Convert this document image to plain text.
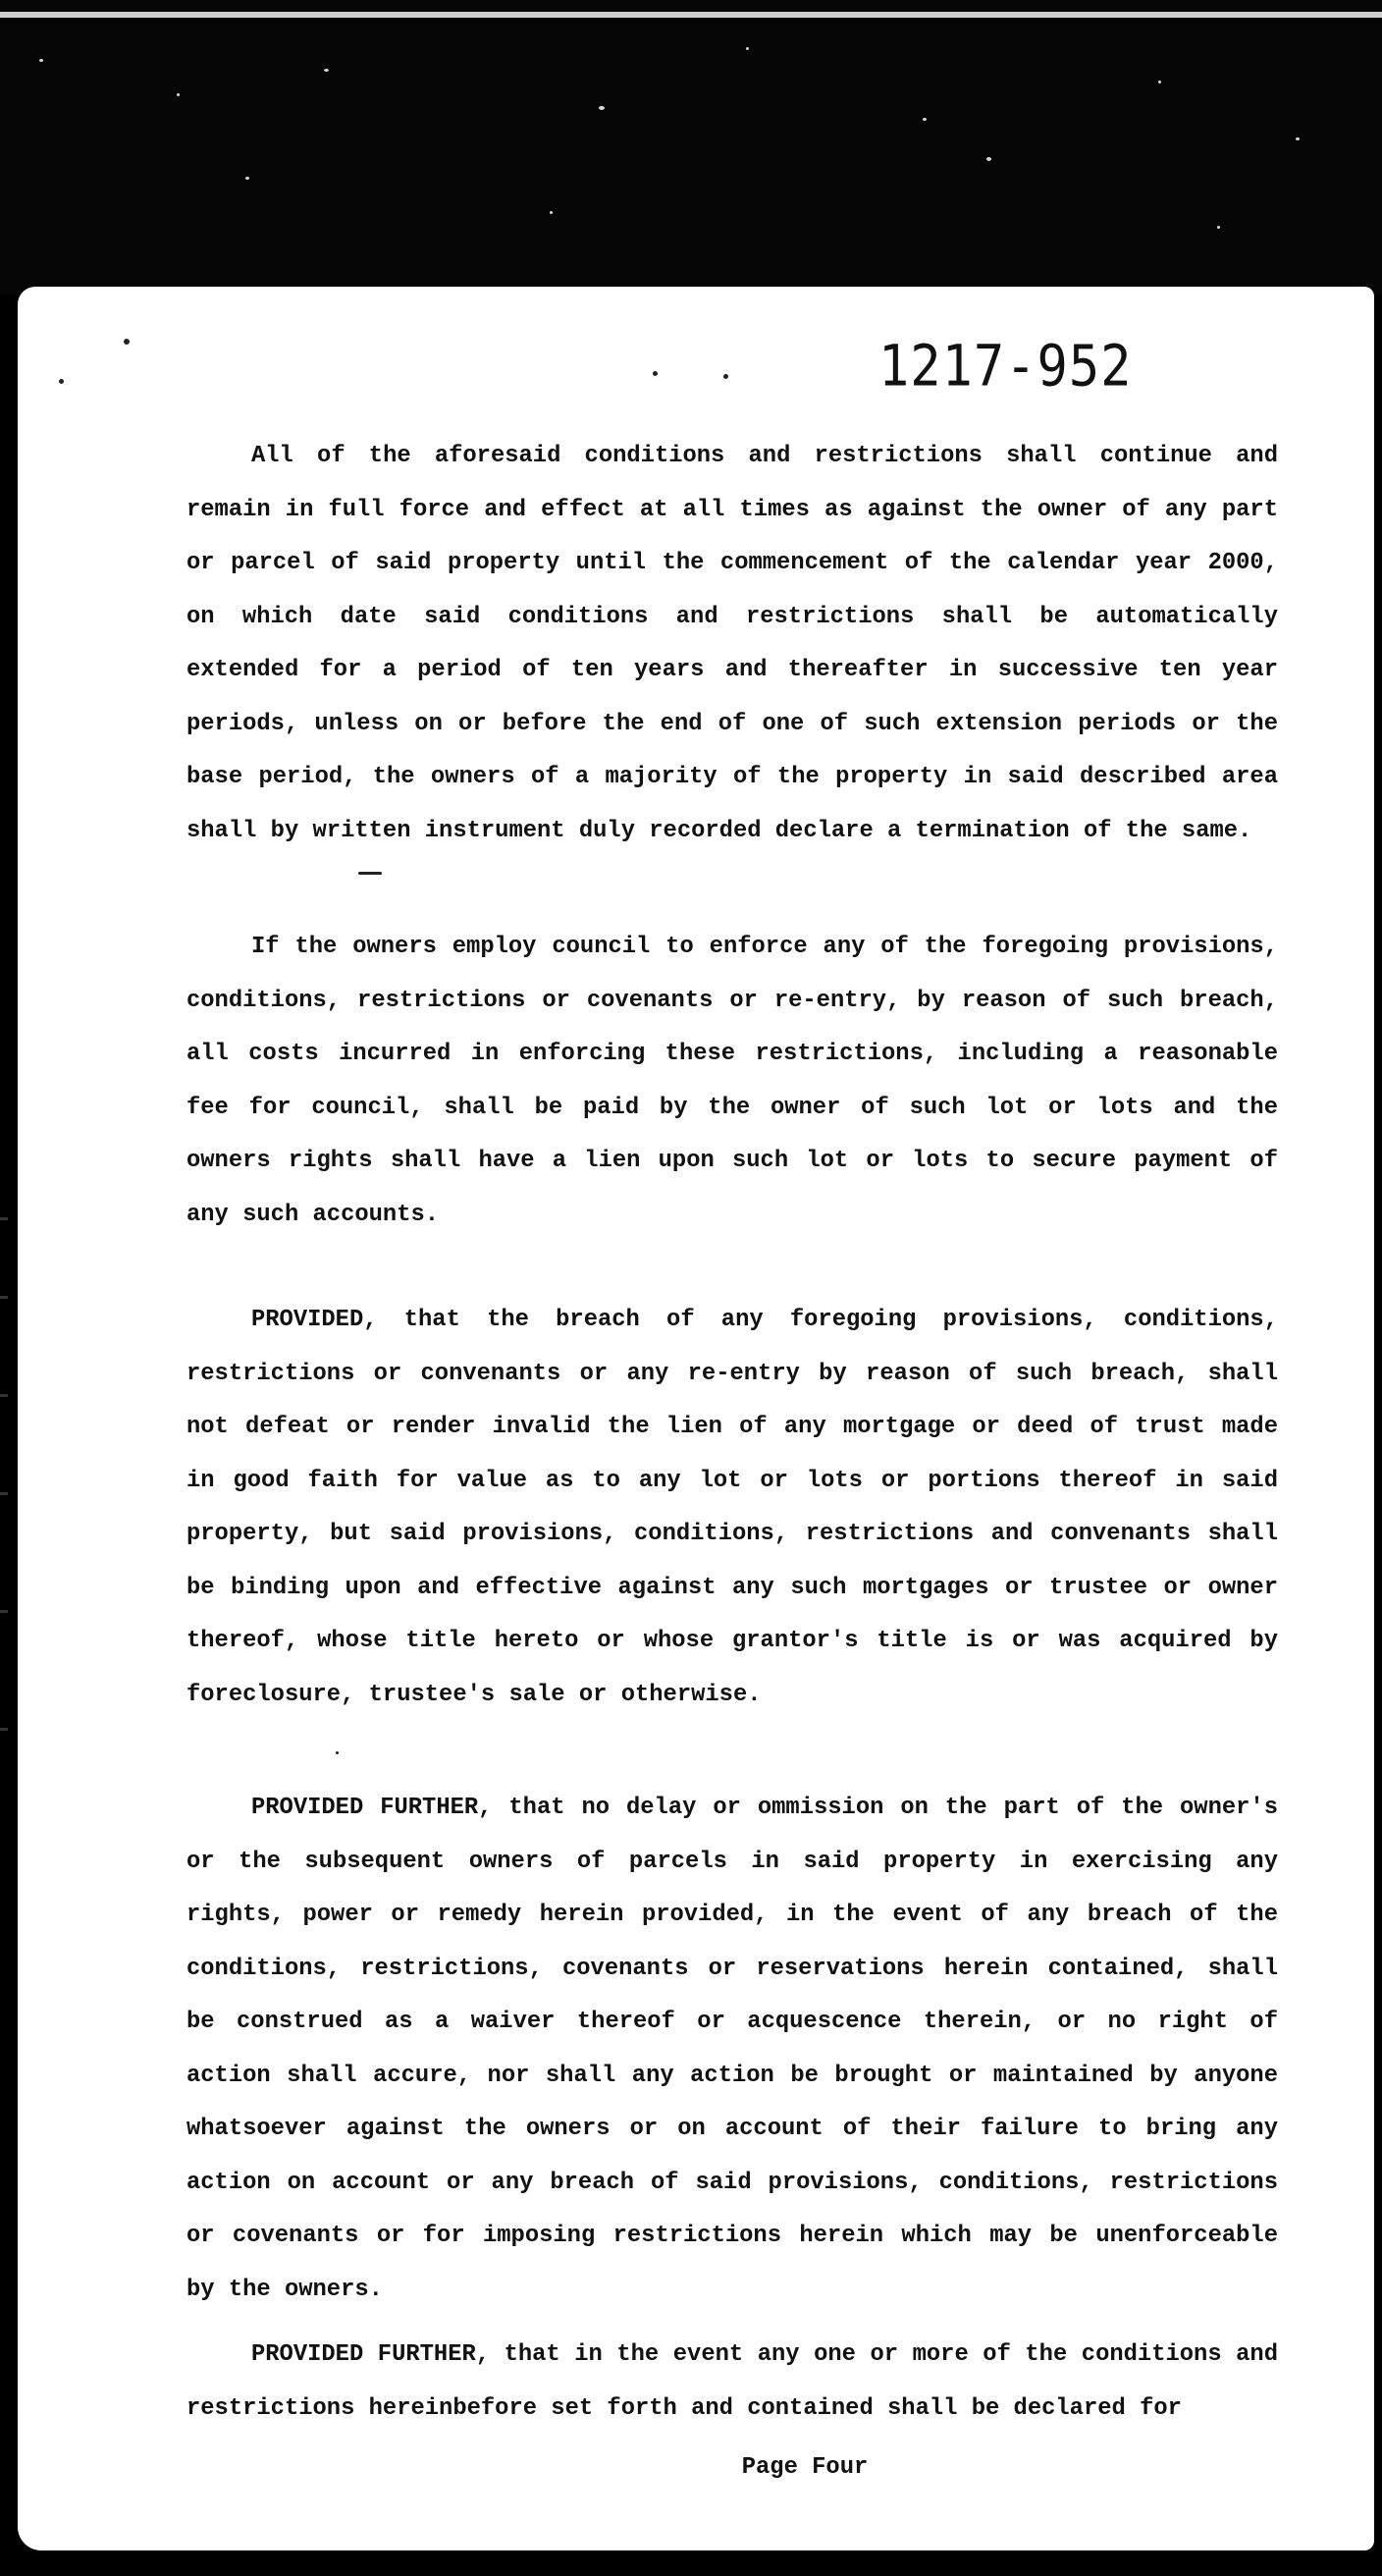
1217-952

All of the aforesaid conditions and restrictions shall continue and remain in full force and effect at all times as against the owner of any part or parcel of said property until the commencement of the calendar year 2000, on which date said conditions and restrictions shall be automatically extended for a period of ten years and thereafter in successive ten year periods, unless on or before the end of one of such extension periods or the base period, the owners of a majority of the property in said described area shall by written instrument duly recorded declare a termination of the same.

If the owners employ council to enforce any of the foregoing provisions, conditions, restrictions or covenants or re-entry, by reason of such breach, all costs incurred in enforcing these restrictions, including a reasonable fee for council, shall be paid by the owner of such lot or lots and the owners rights shall have a lien upon such lot or lots to secure payment of any such accounts.

PROVIDED, that the breach of any foregoing provisions, conditions, restrictions or convenants or any re-entry by reason of such breach, shall not defeat or render invalid the lien of any mortgage or deed of trust made in good faith for value as to any lot or lots or portions thereof in said property, but said provisions, conditions, restrictions and convenants shall be binding upon and effective against any such mortgages or trustee or owner thereof, whose title hereto or whose grantor's title is or was acquired by foreclosure, trustee's sale or otherwise.

PROVIDED FURTHER, that no delay or ommission on the part of the owner's or the subsequent owners of parcels in said property in exercising any rights, power or remedy herein provided, in the event of any breach of the conditions, restrictions, covenants or reservations herein contained, shall be construed as a waiver thereof or acquescence therein, or no right of action shall accure, nor shall any action be brought or maintained by anyone whatsoever against the owners or on account of their failure to bring any action on account or any breach of said provisions, conditions, restrictions or covenants or for imposing restrictions herein which may be unenforceable by the owners.

PROVIDED FURTHER, that in the event any one or more of the conditions and restrictions hereinbefore set forth and contained shall be declared for

Page Four
